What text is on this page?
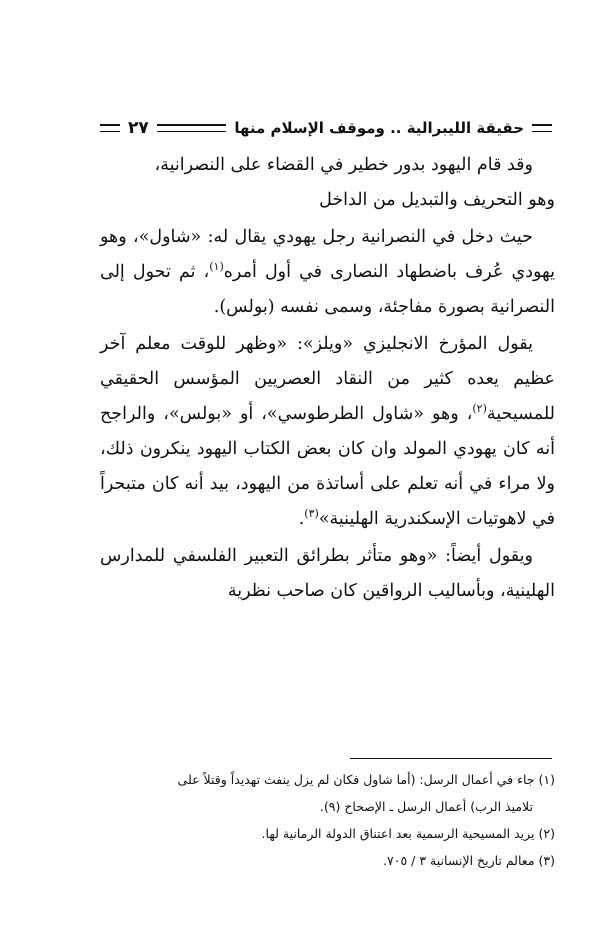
حقيقة الليبرالية .. وموقف الإسلام منها
٢٧

وقد قام اليهود بدور خطير في القضاء على النصرانية،
وهو التحريف والتبديل من الداخل

حيث دخل في النصرانية رجل يهودي يقال له: «شاول»، وهو يهودي عُرف باضطهاد النصارى في أول أمره$^{(١)}$، ثم تحول إلى النصرانية بصورة مفاجئة، وسمى نفسه (بولس).

يقول المؤرخ الانجليزي «ويلز»: «وظهر للوقت معلم آخر عظيم يعده كثير من النقاد العصريين المؤسس الحقيقي للمسيحية$^{(٢)}$، وهو «شاول الطرطوسي»، أو «بولس»، والراجح أنه كان يهودي المولد وان كان بعض الكتاب اليهود ينكرون ذلك، ولا مراء في أنه تعلم على أساتذة من اليهود، بيد أنه كان متبحراً في لاهوتيات الإسكندرية الهلينية»$^{(٣)}$.

ويقول أيضاً: «وهو متأثر بطرائق التعبير الفلسفي للمدارس الهلينية، وبأساليب الرواقين كان صاحب نظرية

(١) جاء في أعمال الرسل: (أما شاول فكان لم يزل ينفث تهديداً وقتلاً على

تلاميذ الرب) أعمال الرسل ـ الإصحاح (٩).

(٢) يريد المسيحية الرسمية بعد اعتناق الدولة الرمانية لها.

(٣) معالم تاريخ الإنسانية ٣ / ٧٠٥.
